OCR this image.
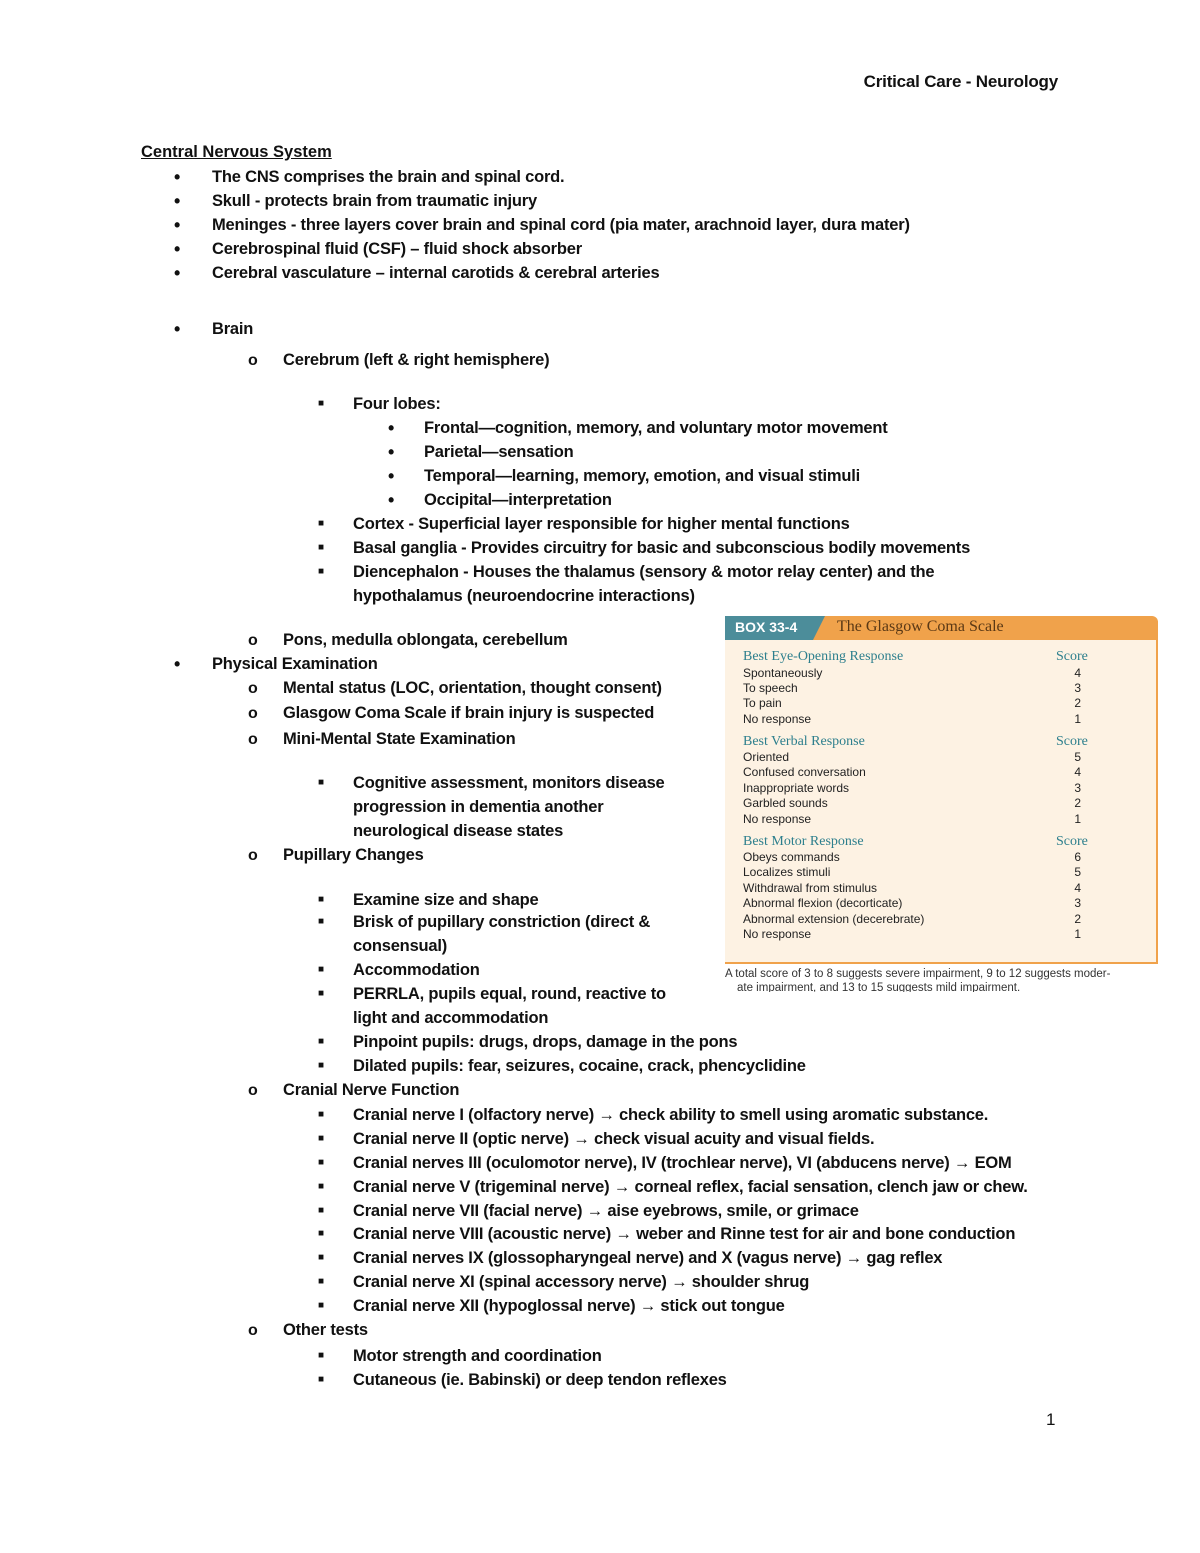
Critical Care - Neurology
Central Nervous System
• The CNS comprises the brain and spinal cord.
• Skull - protects brain from traumatic injury
• Meninges - three layers cover brain and spinal cord (pia mater, arachnoid layer, dura mater)
• Cerebrospinal fluid (CSF) – fluid shock absorber
• Cerebral vasculature – internal carotids & cerebral arteries
• Brain
o Cerebrum (left & right hemisphere)
■ Four lobes:
• Frontal—cognition, memory, and voluntary motor movement
• Parietal—sensation
• Temporal—learning, memory, emotion, and visual stimuli
• Occipital—interpretation
■ Cortex - Superficial layer responsible for higher mental functions
■ Basal ganglia - Provides circuitry for basic and subconscious bodily movements
■ Diencephalon - Houses the thalamus (sensory & motor relay center) and the
hypothalamus (neuroendocrine interactions)
o Pons, medulla oblongata, cerebellum
• Physical Examination
o Mental status (LOC, orientation, thought consent)
o Glasgow Coma Scale if brain injury is suspected
o Mini-Mental State Examination
■ Cognitive assessment, monitors disease
progression in dementia another
neurological disease states
o Pupillary Changes
■ Examine size and shape
■ Brisk of pupillary constriction (direct &
consensual)
■ Accommodation
■ PERRLA, pupils equal, round, reactive to
light and accommodation
■ Pinpoint pupils: drugs, drops, damage in the pons
■ Dilated pupils: fear, seizures, cocaine, crack, phencyclidine
o Cranial Nerve Function
■ Cranial nerve I (olfactory nerve) → check ability to smell using aromatic substance.
■ Cranial nerve II (optic nerve) → check visual acuity and visual fields.
■ Cranial nerves III (oculomotor nerve), IV (trochlear nerve), VI (abducens nerve) → EOM
■ Cranial nerve V (trigeminal nerve) → corneal reflex, facial sensation, clench jaw or chew.
■ Cranial nerve VII (facial nerve) → aise eyebrows, smile, or grimace
■ Cranial nerve VIII (acoustic nerve) → weber and Rinne test for air and bone conduction
■ Cranial nerves IX (glossopharyngeal nerve) and X (vagus nerve) → gag reflex
■ Cranial nerve XI (spinal accessory nerve) → shoulder shrug
■ Cranial nerve XII (hypoglossal nerve) → stick out tongue
o Other tests
■ Motor strength and coordination
■ Cutaneous (ie. Babinski) or deep tendon reflexes
BOX 33-4 The Glasgow Coma Scale
Best Eye-Opening Response	Score
Spontaneously	4
To speech	3
To pain	2
No response	1
Best Verbal Response	Score
Oriented	5
Confused conversation	4
Inappropriate words	3
Garbled sounds	2
No response	1
Best Motor Response	Score
Obeys commands	6
Localizes stimuli	5
Withdrawal from stimulus	4
Abnormal flexion (decorticate)	3
Abnormal extension (decerebrate)	2
No response	1
A total score of 3 to 8 suggests severe impairment, 9 to 12 suggests moder-
ate impairment, and 13 to 15 suggests mild impairment.
1
